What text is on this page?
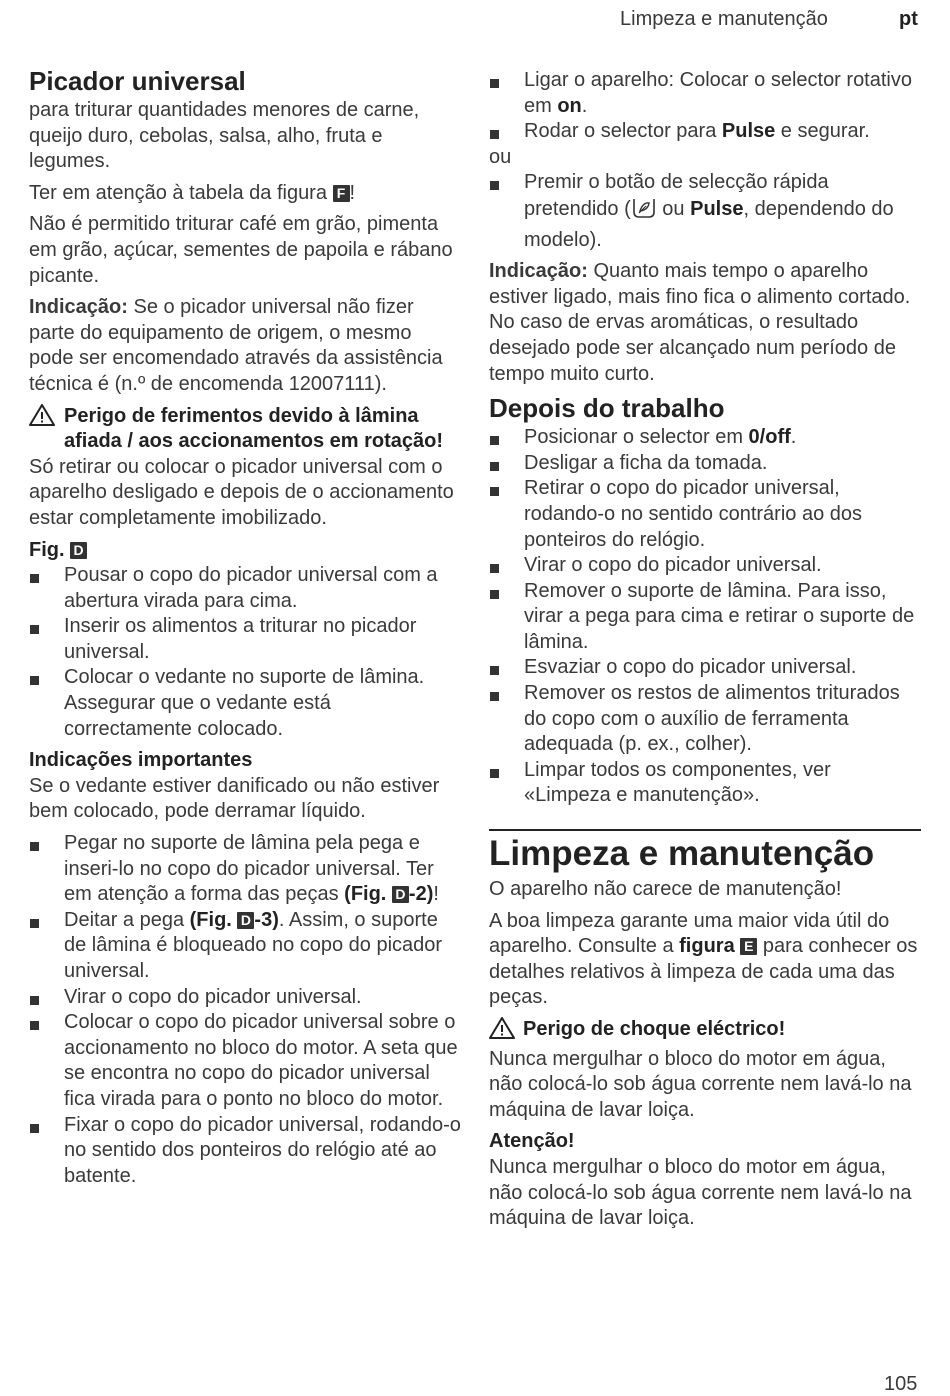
Limpeza e manutenção	pt
Picador universal

para triturar quantidades menores de carne, queijo duro, cebolas, salsa, alho, fruta e legumes.

Ter em atenção à tabela da figura F !

Não é permitido triturar café em grão, pimenta em grão, açúcar, sementes de papoila e rábano picante.

Indicação: Se o picador universal não fizer parte do equipamento de origem, o mesmo pode ser encomendado através da assistência técnica é (n.º de encomenda 12007111).

Perigo de ferimentos devido à lâmina afiada / aos accionamentos em rotação!

Só retirar ou colocar o picador universal com o aparelho desligado e depois de o accionamento estar completamente imobilizado.

Fig. D
Pousar o copo do picador universal com a abertura virada para cima.
Inserir os alimentos a triturar no picador universal.
Colocar o vedante no suporte de lâmina. Assegurar que o vedante está correctamente colocado.
Indicações importantes

Se o vedante estiver danificado ou não estiver bem colocado, pode derramar líquido.

Pegar no suporte de lâmina pela pega e inseri-lo no copo do picador universal. Ter em atenção a forma das peças (Fig. D -2)!
Deitar a pega (Fig. D -3). Assim, o suporte de lâmina é bloqueado no copo do picador universal.
Virar o copo do picador universal.
Colocar o copo do picador universal sobre o accionamento no bloco do motor. A seta que se encontra no copo do picador universal fica virada para o ponto no bloco do motor.
Fixar o copo do picador universal, rodando-o no sentido dos ponteiros do relógio até ao batente.
Ligar o aparelho: Colocar o selector rotativo em on.
Rodar o selector para Pulse e segurar.
ou
Premir o botão de selecção rápida pretendido ( ou Pulse, dependendo do modelo).

Indicação: Quanto mais tempo o aparelho estiver ligado, mais fino fica o alimento cortado. No caso de ervas aromáticas, o resultado desejado pode ser alcançado num período de tempo muito curto.

Depois do trabalho
Posicionar o selector em 0/off.
Desligar a ficha da tomada.
Retirar o copo do picador universal, rodando-o no sentido contrário ao dos ponteiros do relógio.
Virar o copo do picador universal.
Remover o suporte de lâmina. Para isso, virar a pega para cima e retirar o suporte de lâmina.
Esvaziar o copo do picador universal.
Remover os restos de alimentos triturados do copo com o auxílio de ferramenta adequada (p. ex., colher).
Limpar todos os componentes, ver «Limpeza e manutenção».
Limpeza e manutenção

O aparelho não carece de manutenção!

A boa limpeza garante uma maior vida útil do aparelho. Consulte a figura E para conhecer os detalhes relativos à limpeza de cada uma das peças.

Perigo de choque eléctrico!

Nunca mergulhar o bloco do motor em água, não colocá-lo sob água corrente nem lavá-lo na máquina de lavar loiça.

Atenção!

Nunca mergulhar o bloco do motor em água, não colocá-lo sob água corrente nem lavá-lo na máquina de lavar loiça.

105
